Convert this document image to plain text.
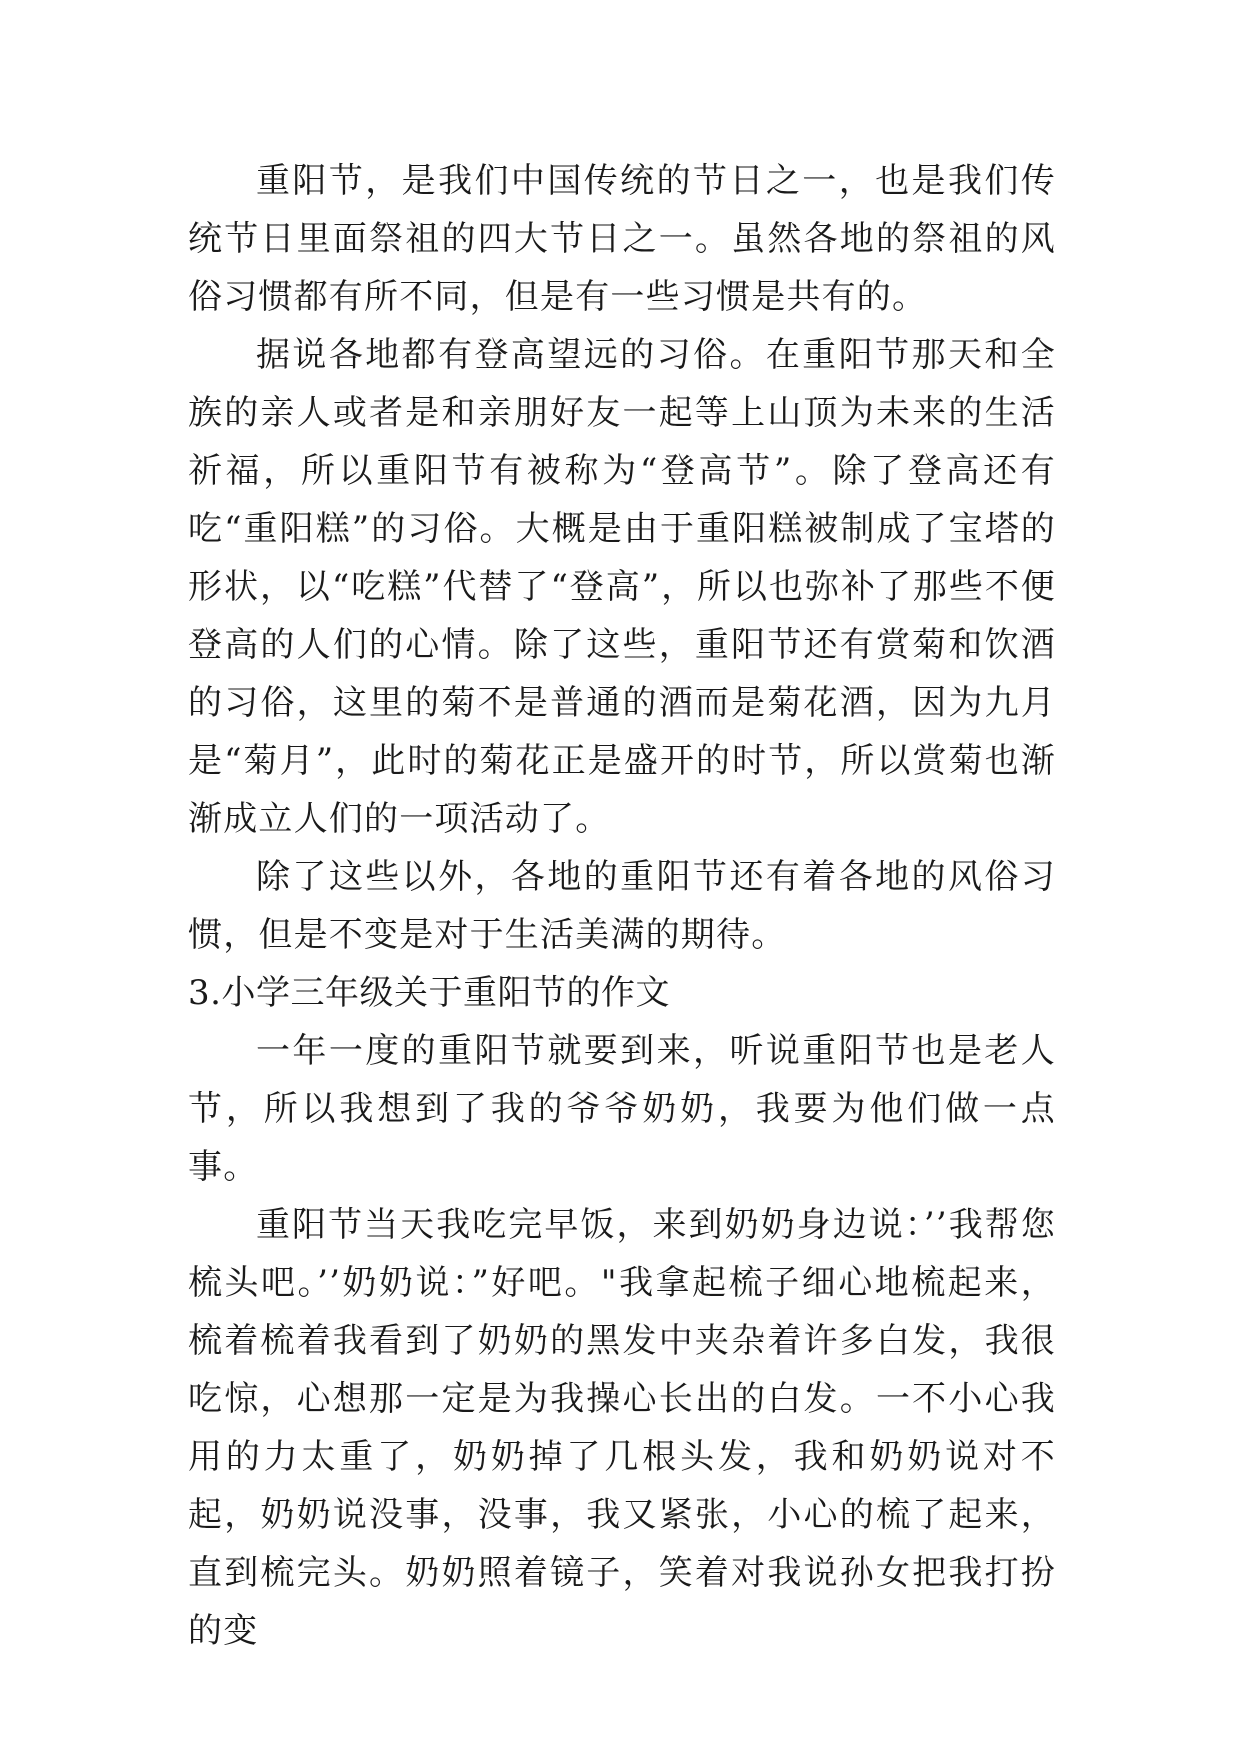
重阳节，是我们中国传统的节日之一，也是我们传统节日里面祭祖的四大节日之一。虽然各地的祭祖的风俗习惯都有所不同，但是有一些习惯是共有的。

据说各地都有登高望远的习俗。在重阳节那天和全族的亲人或者是和亲朋好友一起等上山顶为未来的生活祈福，所以重阳节有被称为“登高节”。除了登高还有吃“重阳糕”的习俗。大概是由于重阳糕被制成了宝塔的形状，以“吃糕”代替了“登高”，所以也弥补了那些不便登高的人们的心情。除了这些，重阳节还有赏菊和饮酒的习俗，这里的菊不是普通的酒而是菊花酒，因为九月是“菊月”，此时的菊花正是盛开的时节，所以赏菊也渐渐成立人们的一项活动了。

除了这些以外，各地的重阳节还有着各地的风俗习惯，但是不变是对于生活美满的期待。

3.小学三年级关于重阳节的作文

一年一度的重阳节就要到来，听说重阳节也是老人节，所以我想到了我的爷爷奶奶，我要为他们做一点事。

重阳节当天我吃完早饭，来到奶奶身边说：’’我帮您梳头吧。’’奶奶说：”好吧。"我拿起梳子细心地梳起来，梳着梳着我看到了奶奶的黑发中夹杂着许多白发，我很吃惊，心想那一定是为我操心长出的白发。一不小心我用的力太重了，奶奶掉了几根头发，我和奶奶说对不起，奶奶说没事，没事，我又紧张，小心的梳了起来，直到梳完头。奶奶照着镜子，笑着对我说孙女把我打扮的变
